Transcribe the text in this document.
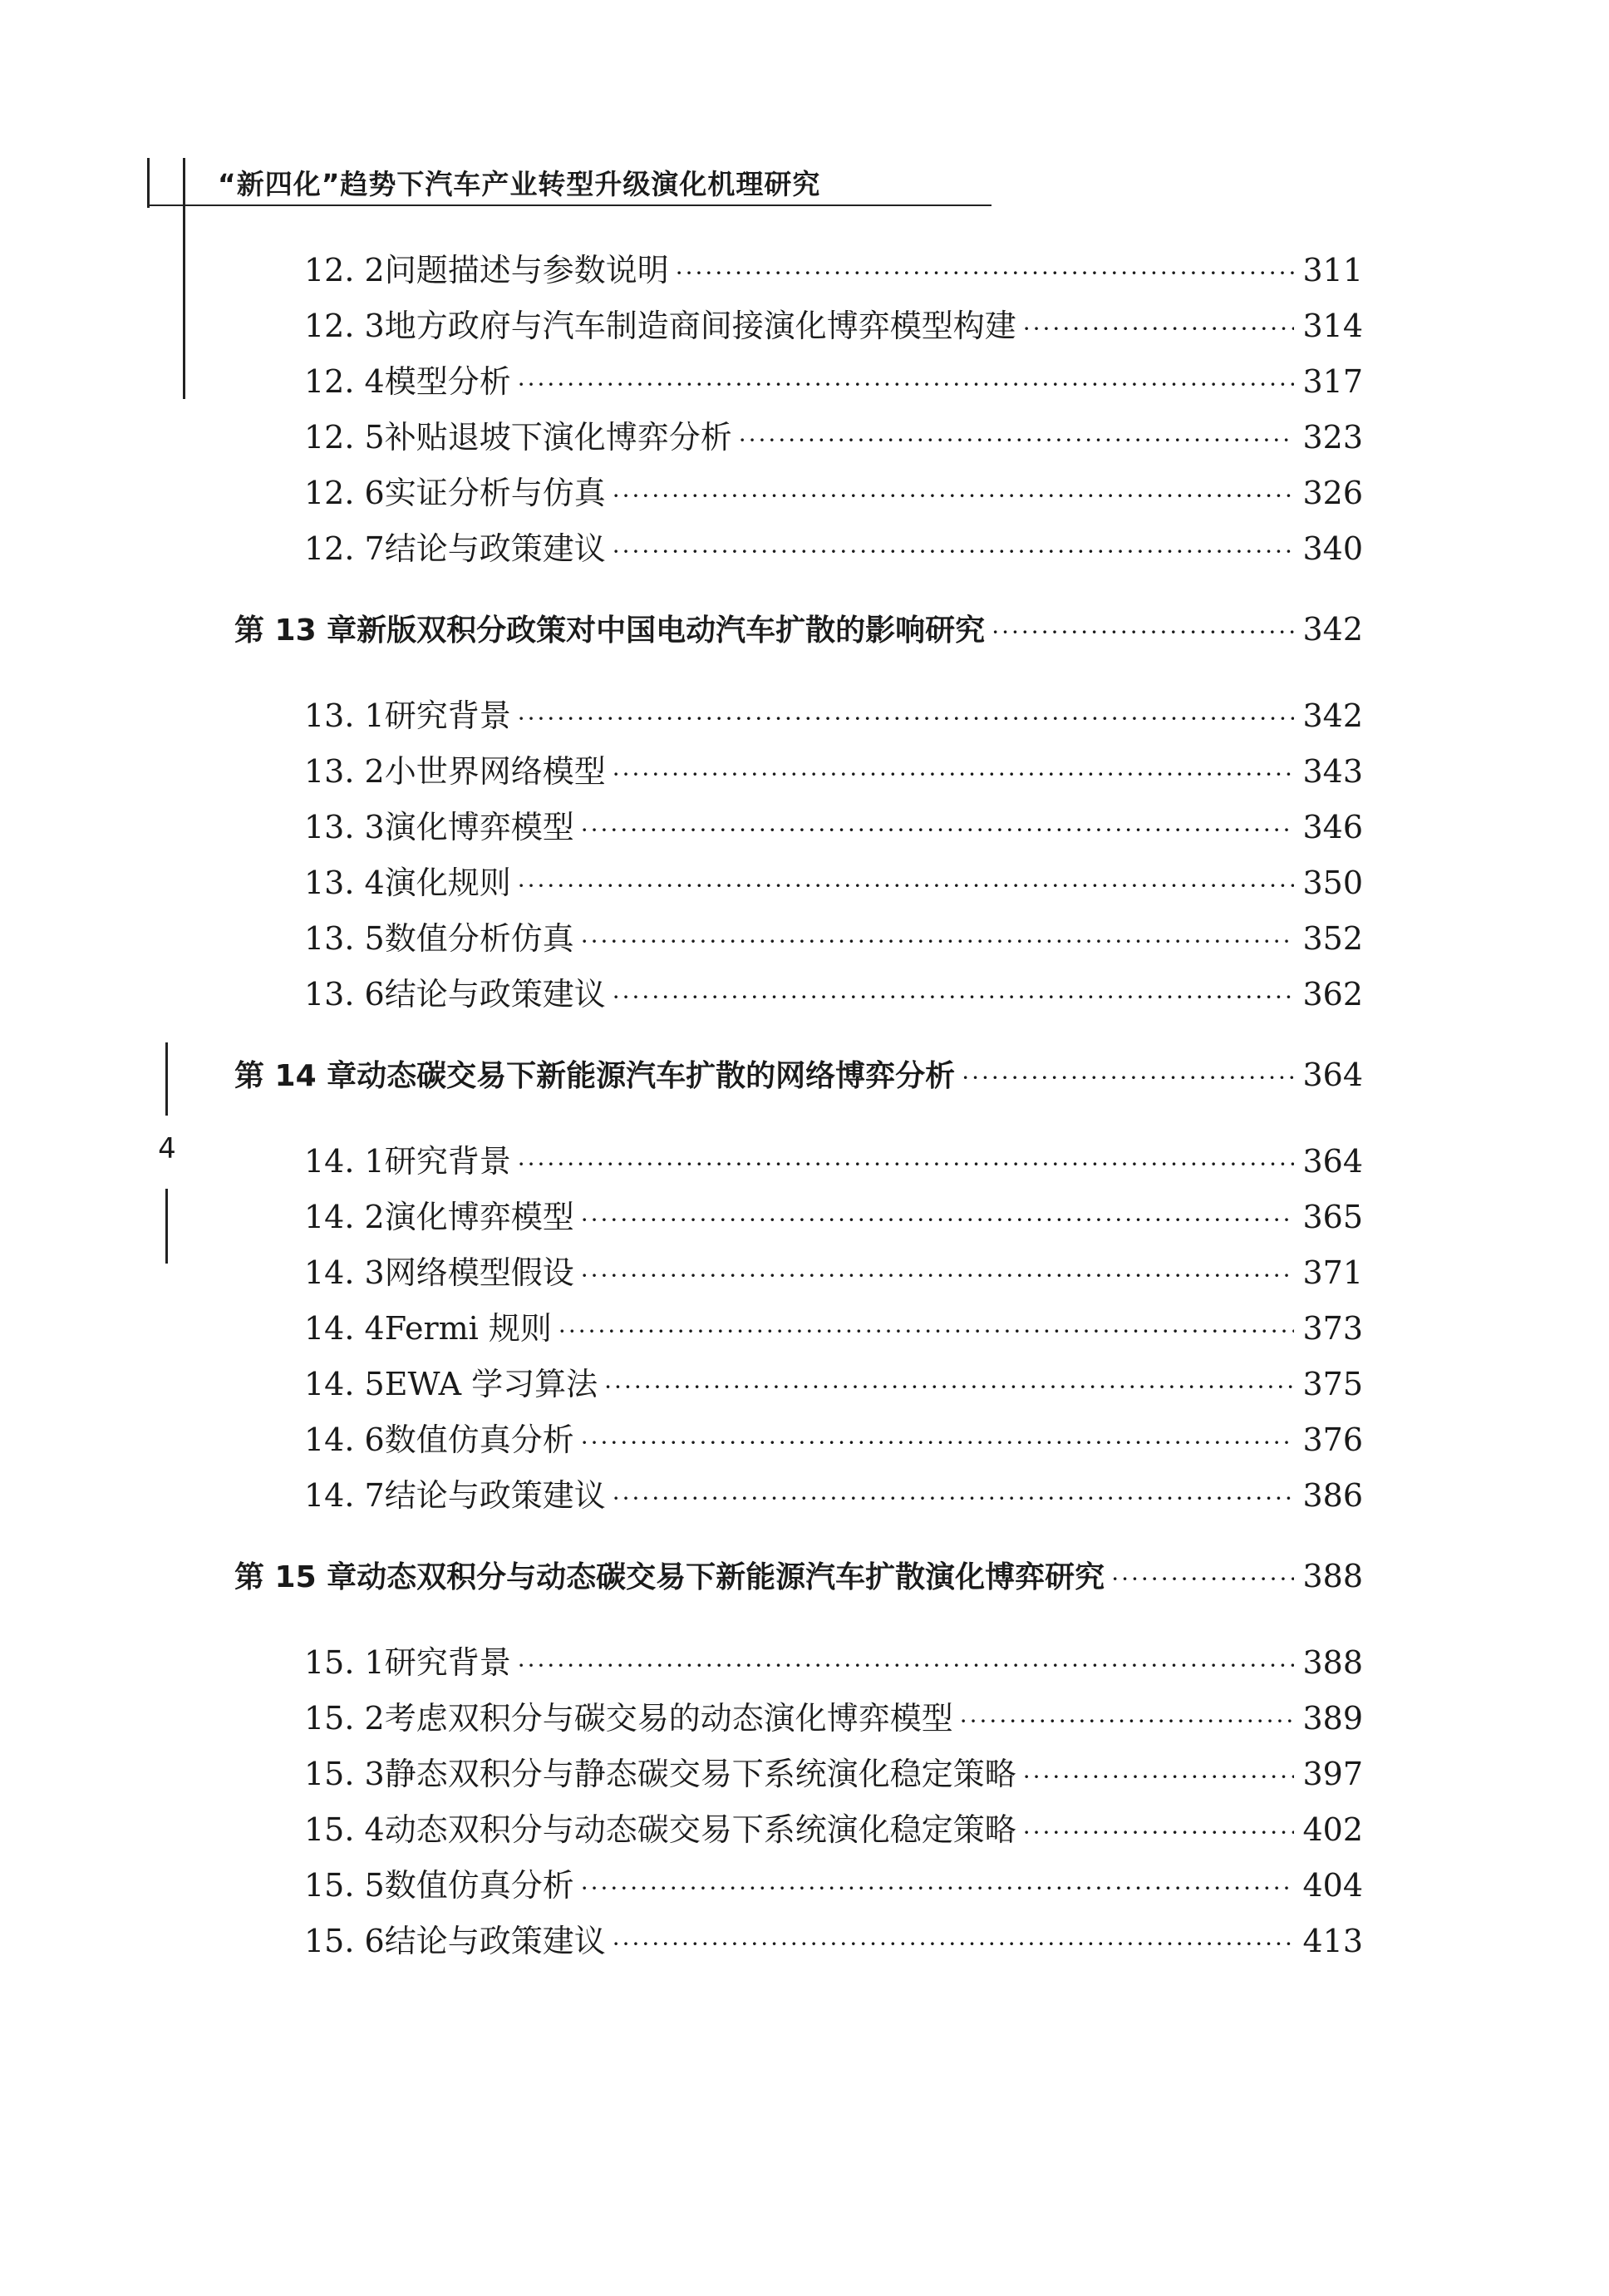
“新四化”趋势下汽车产业转型升级演化机理研究
4
12. 2 问题描述与参数说明 ·····	311
12. 3 地方政府与汽车制造商间接演化博弈模型构建 ·····	314
12. 4 模型分析 ·····	317
12. 5 补贴退坡下演化博弈分析 ·····	323
12. 6 实证分析与仿真 ·····	326
12. 7 结论与政策建议 ·····	340
第 13 章 新版双积分政策对中国电动汽车扩散的影响研究 ·····	342
13. 1 研究背景 ·····	342
13. 2 小世界网络模型 ·····	343
13. 3 演化博弈模型 ·····	346
13. 4 演化规则 ·····	350
13. 5 数值分析仿真 ·····	352
13. 6 结论与政策建议 ·····	362
第 14 章 动态碳交易下新能源汽车扩散的网络博弈分析 ·····	364
14. 1 研究背景 ·····	364
14. 2 演化博弈模型 ·····	365
14. 3 网络模型假设 ·····	371
14. 4 Fermi 规则 ·····	373
14. 5 EWA 学习算法 ·····	375
14. 6 数值仿真分析 ·····	376
14. 7 结论与政策建议 ·····	386
第 15 章 动态双积分与动态碳交易下新能源汽车扩散演化博弈研究 ·····	388
15. 1 研究背景 ·····	388
15. 2 考虑双积分与碳交易的动态演化博弈模型 ·····	389
15. 3 静态双积分与静态碳交易下系统演化稳定策略 ·····	397
15. 4 动态双积分与动态碳交易下系统演化稳定策略 ·····	402
15. 5 数值仿真分析 ·····	404
15. 6 结论与政策建议 ·····	413
